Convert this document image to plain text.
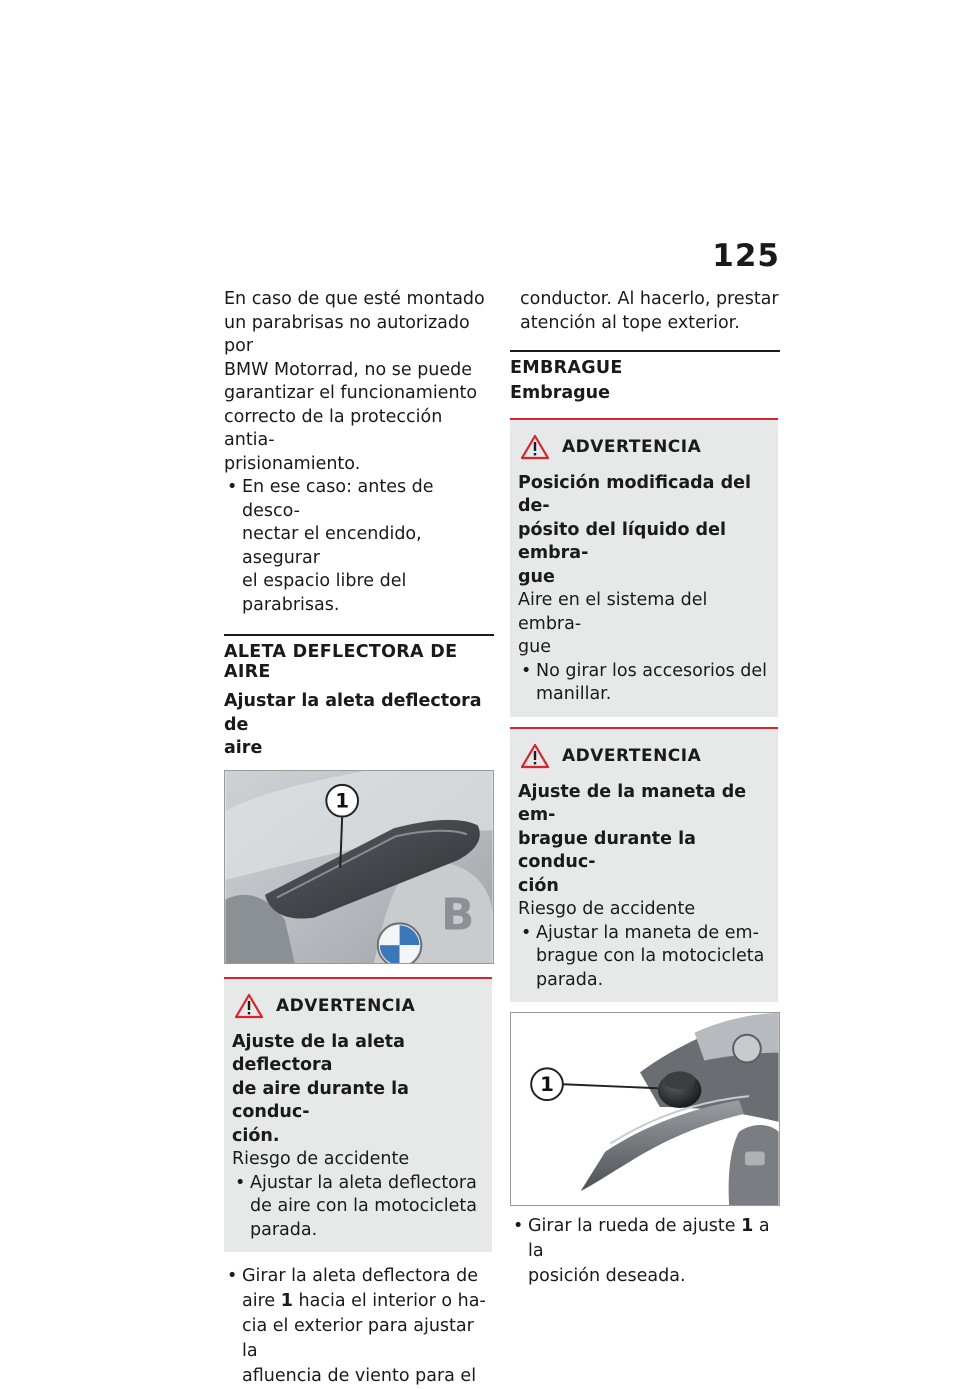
125

En caso de que esté montado
un parabrisas no autorizado por
BMW Motorrad, no se puede
garantizar el funcionamiento
correcto de la protección antia-
prisionamiento.

• En ese caso: antes de desco-
nectar el encendido, asegurar
el espacio libre del parabrisas.
ALETA DEFLECTORA DE AIRE
Ajustar la aleta deflectora de
aire
B
1
ADVERTENCIA
Ajuste de la aleta deflectora
de aire durante la conduc-
ción.

Riesgo de accidente

• Ajustar la aleta deflectora
de aire con la motocicleta
parada.
• Girar la aleta deflectora de
aire 1 hacia el interior o ha-
cia el exterior para ajustar la
afluencia de viento para el

conductor. Al hacerlo, prestar
atención al tope exterior.

EMBRAGUE
Embrague
ADVERTENCIA
Posición modificada del de-
pósito del líquido del embra-
gue

Aire en el sistema del embra-
gue

• No girar los accesorios del
manillar.
ADVERTENCIA
Ajuste de la maneta de em-
brague durante la conduc-
ción

Riesgo de accidente

• Ajustar la maneta de em-
brague con la motocicleta
parada.
1
• Girar la rueda de ajuste 1 a la
posición deseada.
